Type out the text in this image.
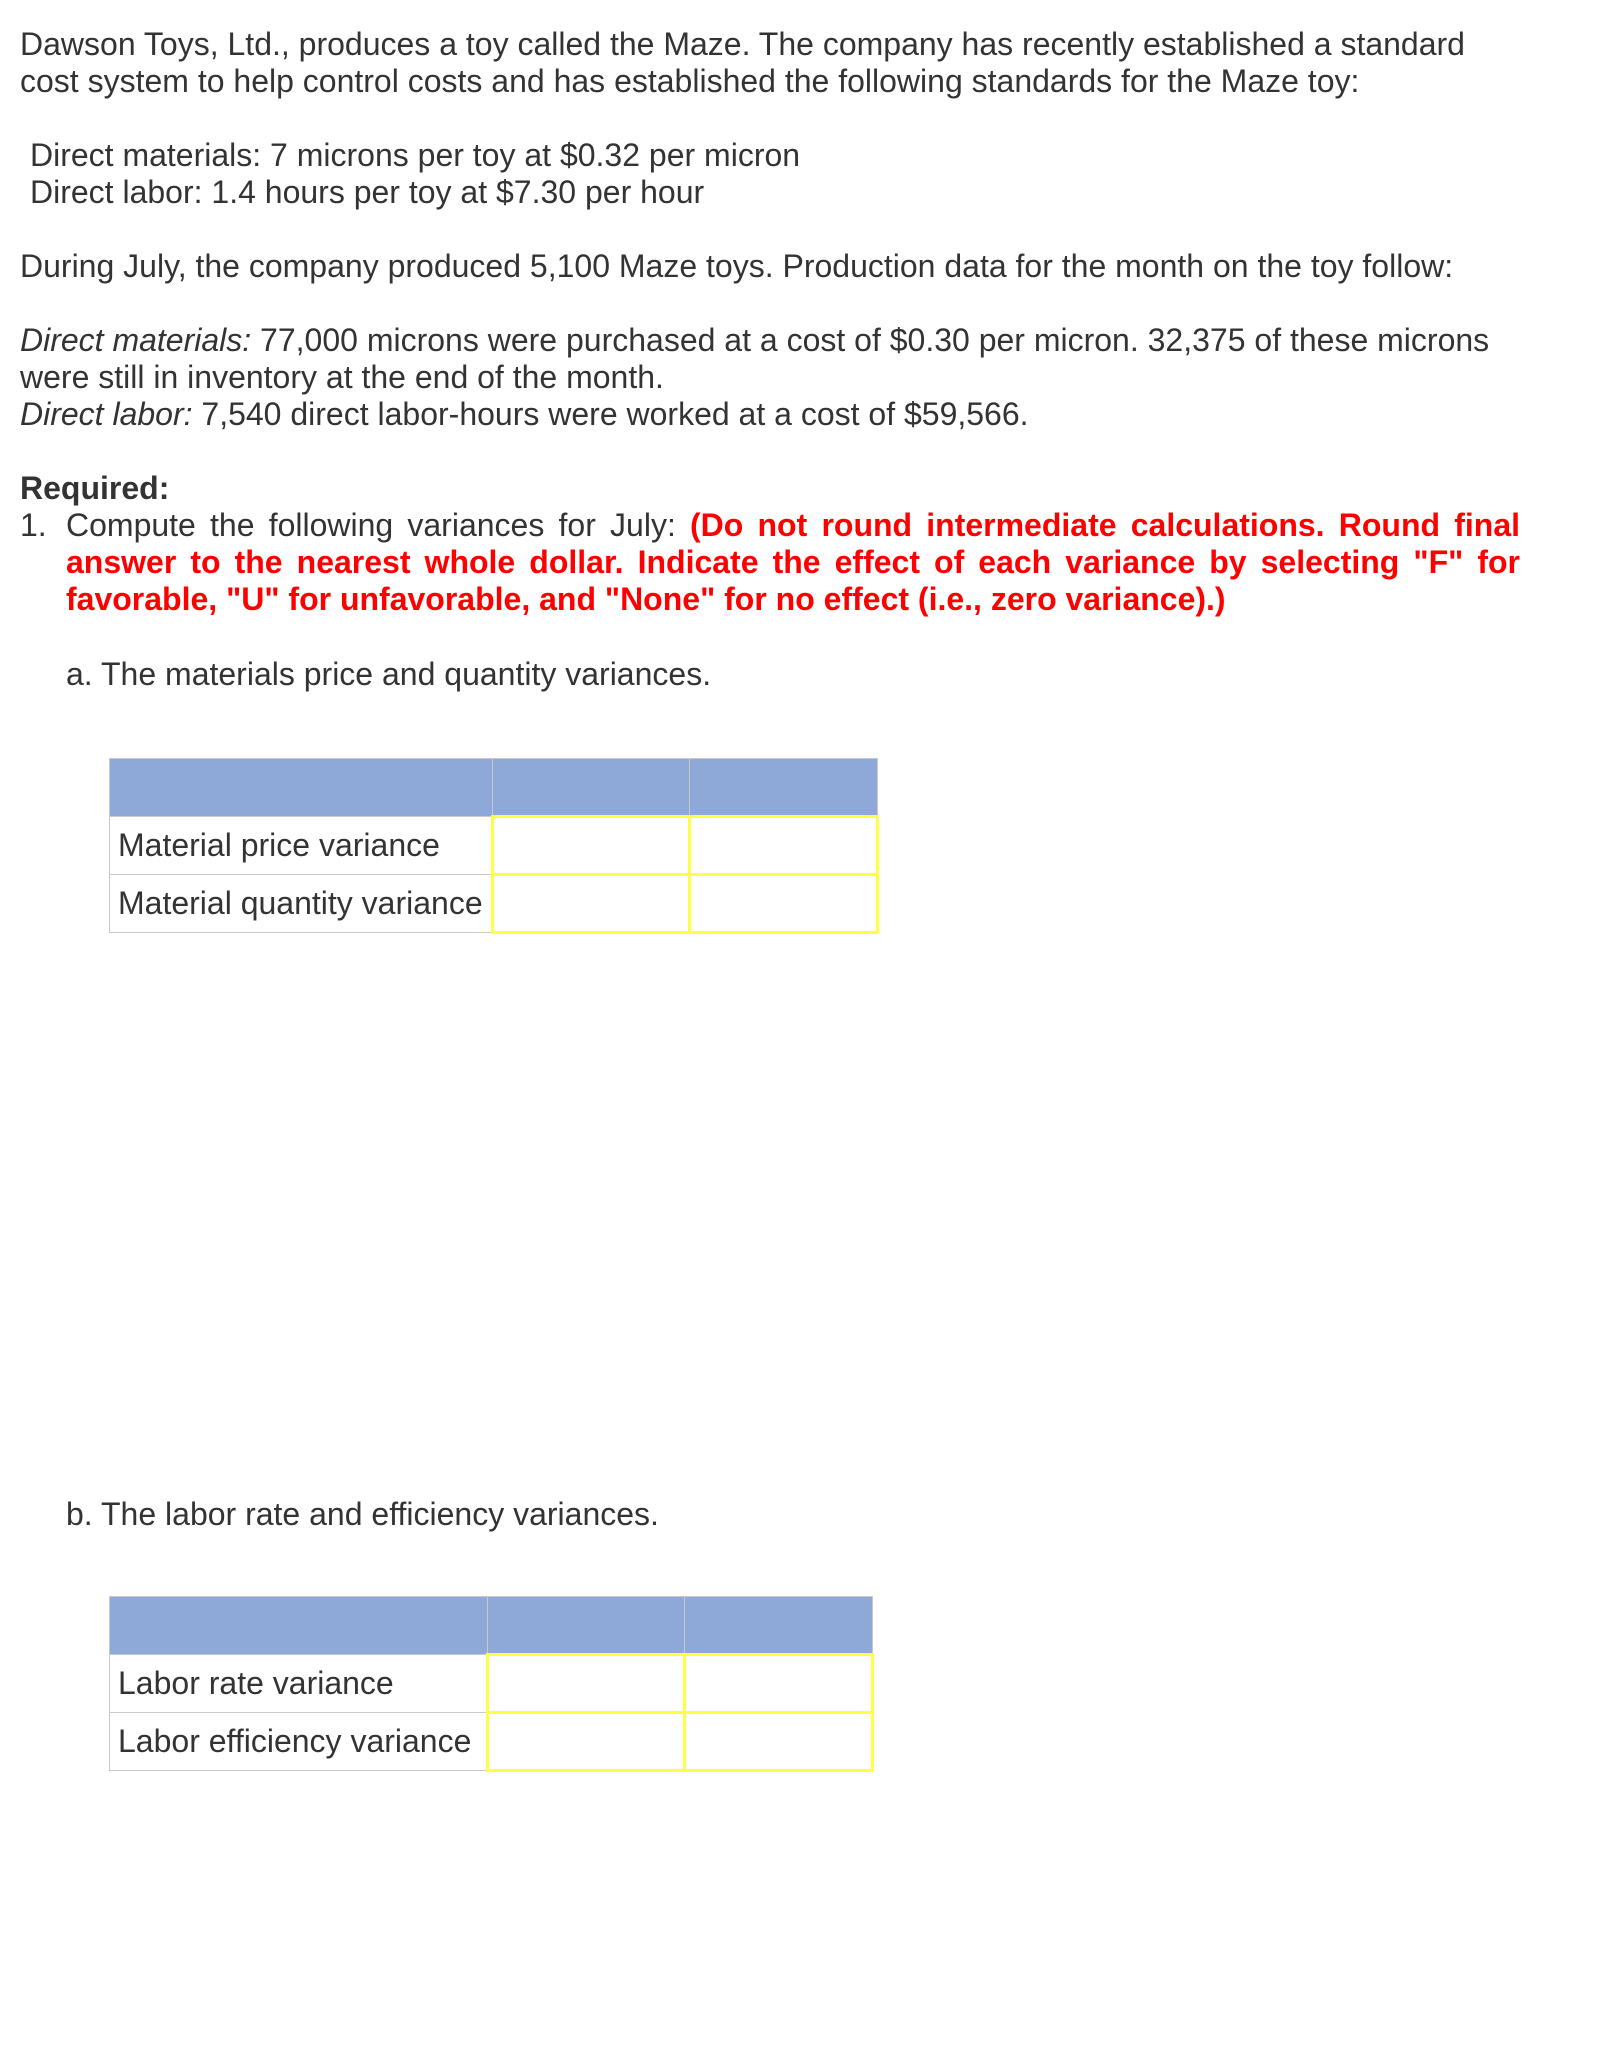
Dawson Toys, Ltd., produces a toy called the Maze. The company has recently established a standard

cost system to help control costs and has established the following standards for the Maze toy:

Direct materials: 7 microns per toy at $0.32 per micron

Direct labor: 1.4 hours per toy at $7.30 per hour

During July, the company produced 5,100 Maze toys. Production data for the month on the toy follow:

Direct materials: 77,000 microns were purchased at a cost of $0.30 per micron. 32,375 of these microns

were still in inventory at the end of the month.

Direct labor: 7,540 direct labor-hours were worked at a cost of $59,566.

Required:

1. Compute the following variances for July: (Do not round intermediate calculations. Round final answer to the nearest whole dollar. Indicate the effect of each variance by selecting "F" for favorable, "U" for unfavorable, and "None" for no effect (i.e., zero variance).)

a. The materials price and quantity variances.

Material price variance		
Material quantity variance		

b. The labor rate and efficiency variances.

Labor rate variance		
Labor efficiency variance		
